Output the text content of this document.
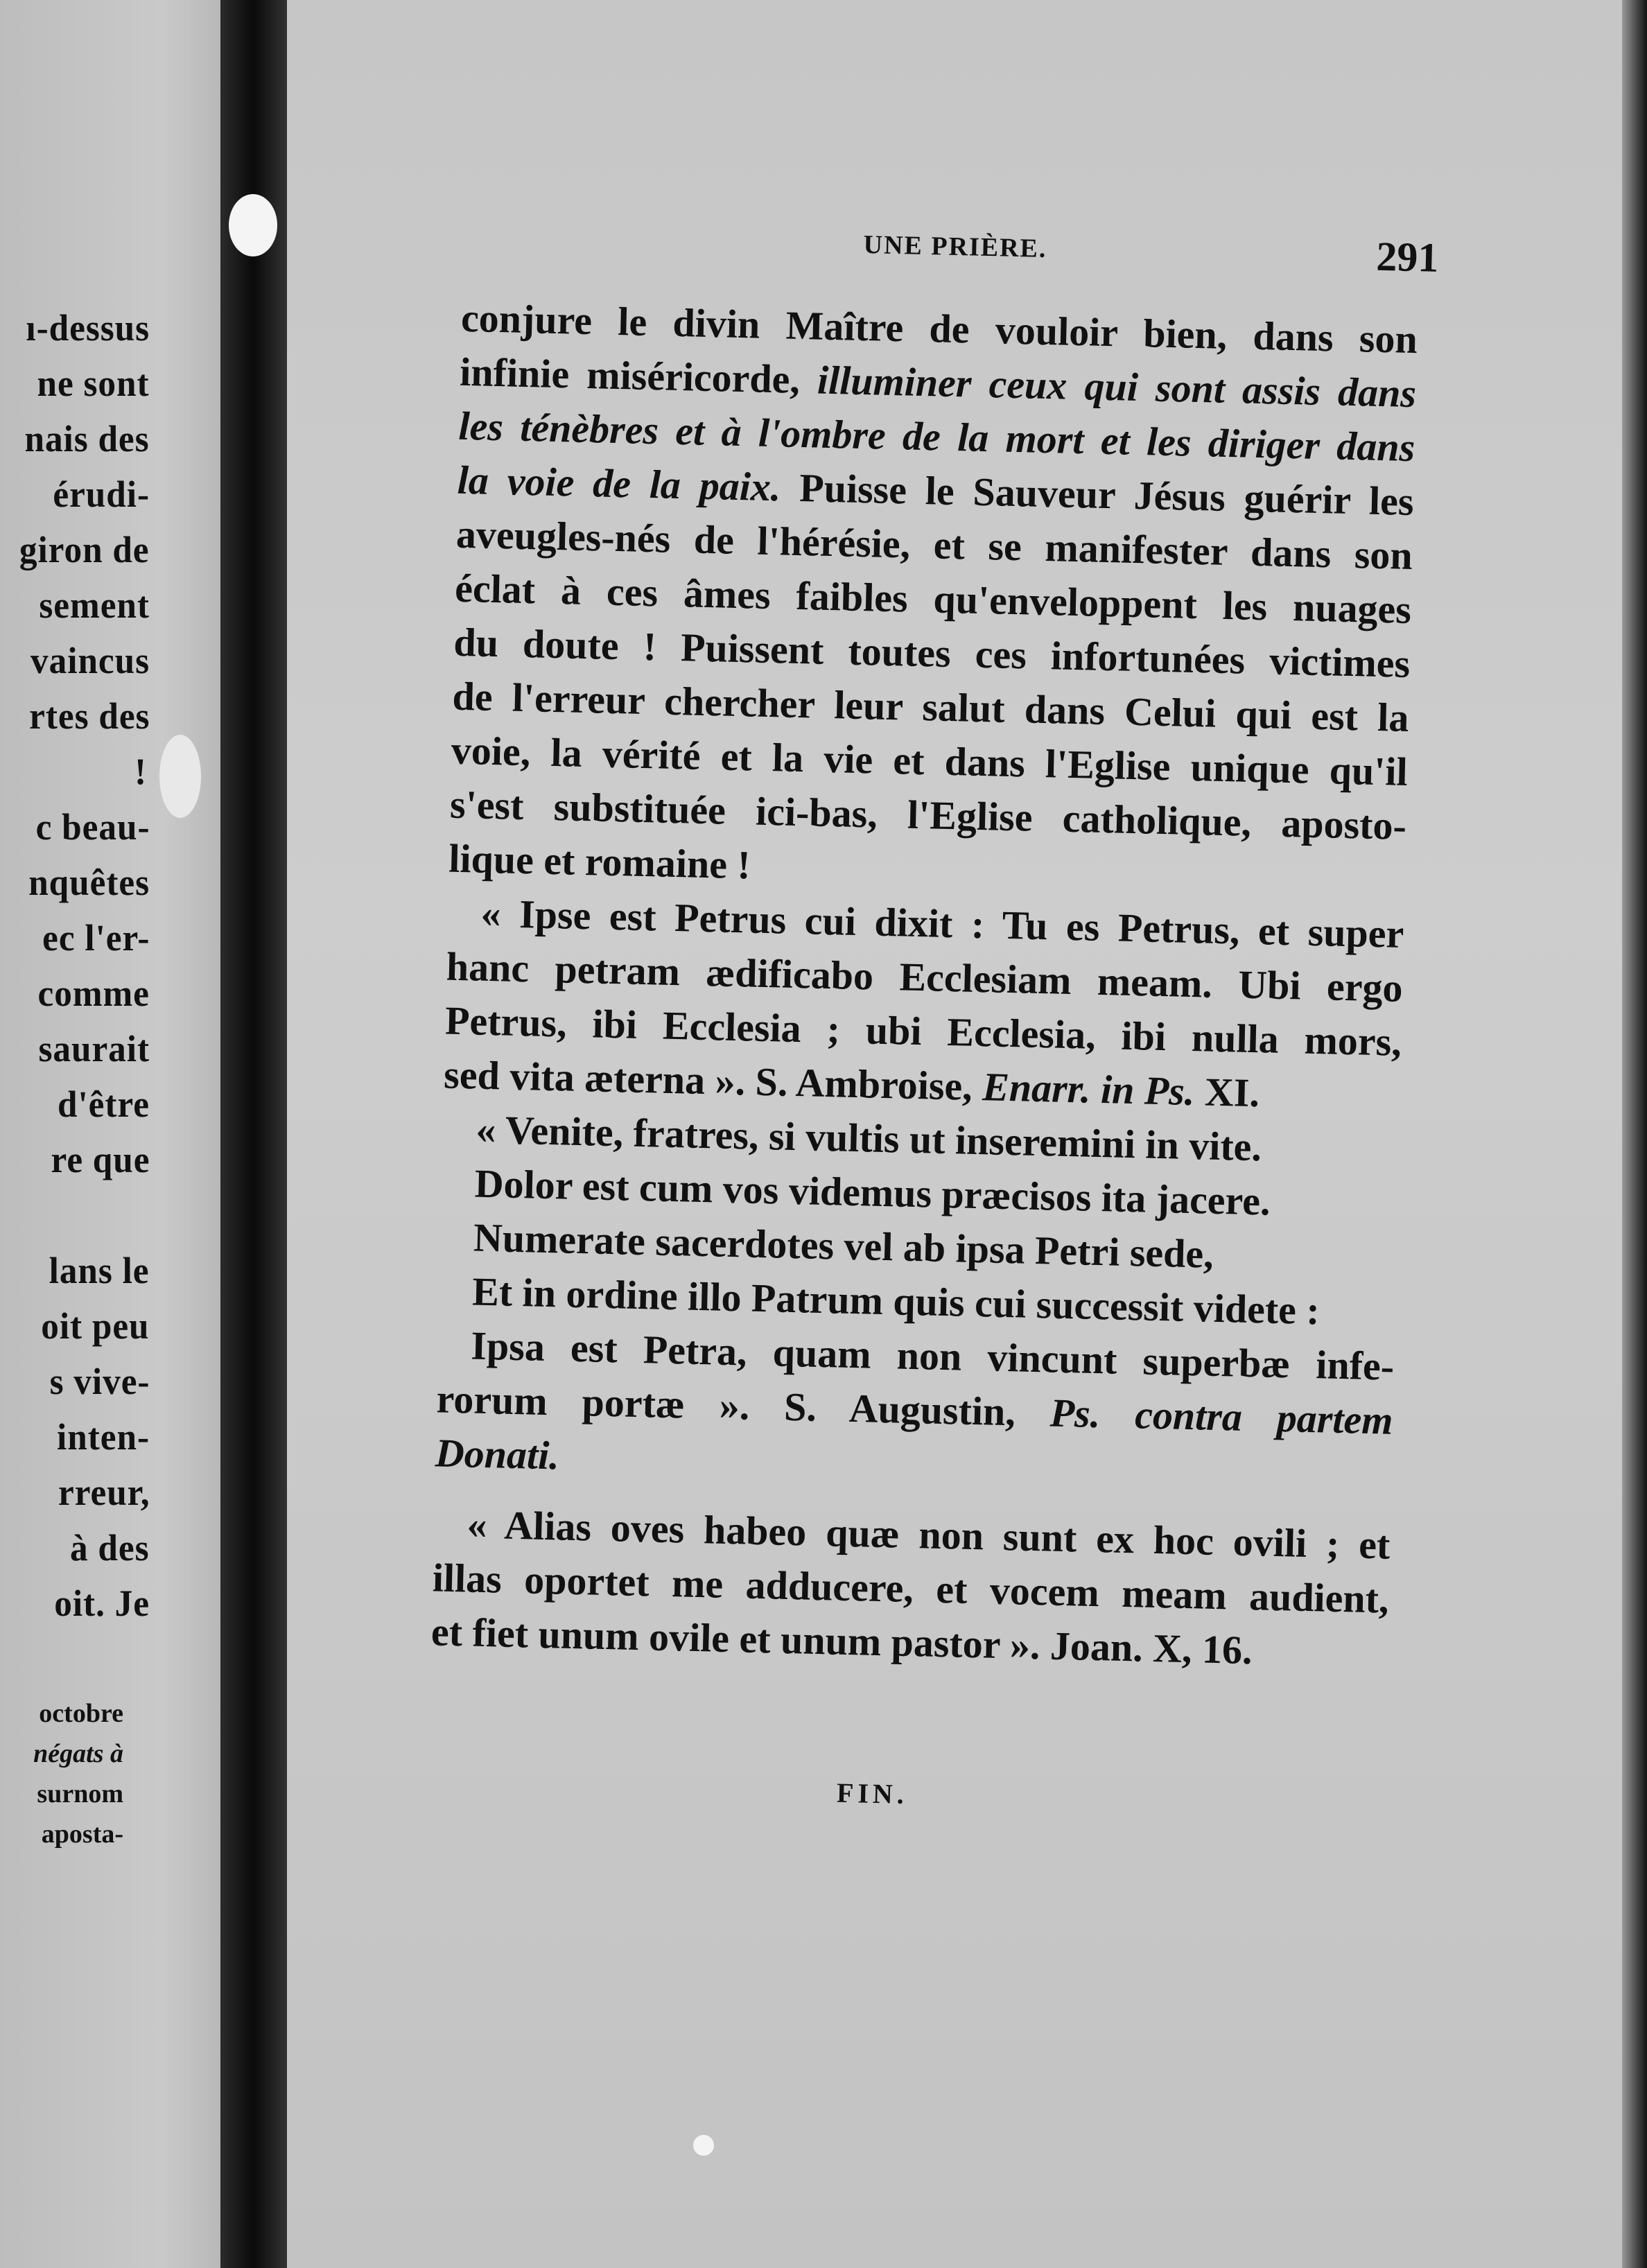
ı-dessus
ne sont
nais des
érudi-
giron de
sement
vaincus
rtes des
!
c beau-
nquêtes
ec l'er-
comme
saurait
d'être
re que
lans le
oit peu
s vive-
inten-
rreur,
à des
oit. Je
octobre
négats à
surnom
aposta-
UNE PRIÈRE.	291
conjure le divin Maître de vouloir bien, dans son
infinie miséricorde, illuminer ceux qui sont assis dans
les ténèbres et à l'ombre de la mort et les diriger dans
la voie de la paix. Puisse le Sauveur Jésus guérir les
aveugles-nés de l'hérésie, et se manifester dans son
éclat à ces âmes faibles qu'enveloppent les nuages
du doute ! Puissent toutes ces infortunées victimes
de l'erreur chercher leur salut dans Celui qui est la
voie, la vérité et la vie et dans l'Eglise unique qu'il
s'est substituée ici-bas, l'Eglise catholique, aposto-
lique et romaine !
« Ipse est Petrus cui dixit : Tu es Petrus, et super
hanc petram ædificabo Ecclesiam meam. Ubi ergo
Petrus, ibi Ecclesia ; ubi Ecclesia, ibi nulla mors,
sed vita æterna ». S. Ambroise, Enarr. in Ps. XI.
« Venite, fratres, si vultis ut inseremini in vite.
Dolor est cum vos videmus præcisos ita jacere.
Numerate sacerdotes vel ab ipsa Petri sede,
Et in ordine illo Patrum quis cui successit videte :
Ipsa est Petra, quam non vincunt superbæ infe-
rorum portæ ». S. Augustin, Ps. contra partem
Donati.
« Alias oves habeo quæ non sunt ex hoc ovili ; et
illas oportet me adducere, et vocem meam audient,
et fiet unum ovile et unum pastor ». Joan. X, 16.
FIN.
